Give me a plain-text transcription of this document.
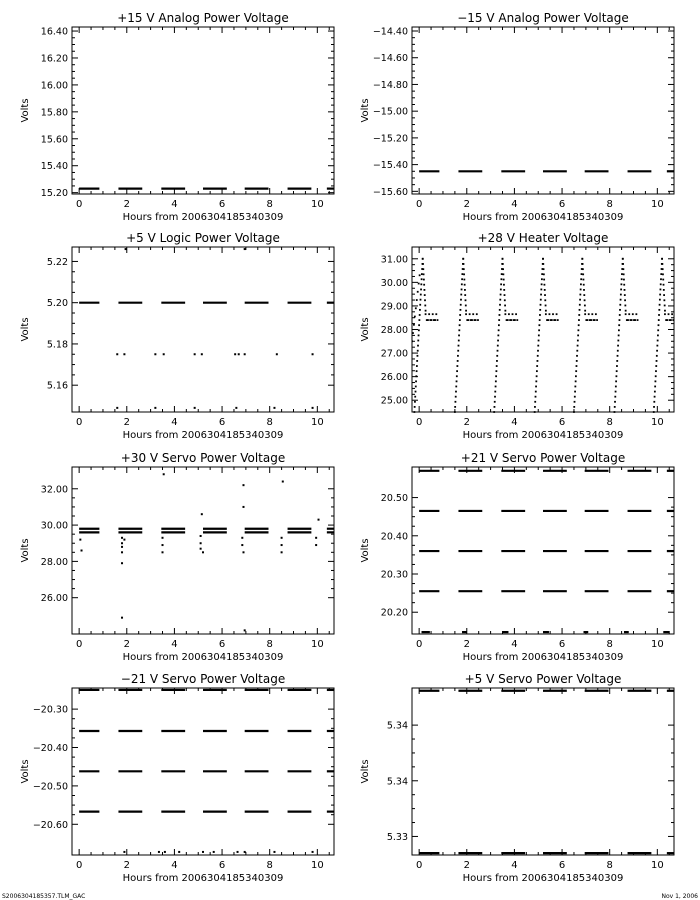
+15 V Analog Power Voltage
Hours from 2006304185340309
Volts
0	2	4	6	8	10
15.20
15.40
15.60
15.80
16.00
16.20
16.40
−15 V Analog Power Voltage
Hours from 2006304185340309
Volts
0	2	4	6	8	10
−15.60
−15.40
−15.20
−15.00
−14.80
−14.60
−14.40
+5 V Logic Power Voltage
Hours from 2006304185340309
Volts
0	2	4	6	8	10
5.16
5.18
5.20
5.22
+28 V Heater Voltage
Hours from 2006304185340309
Volts
0	2	4	6	8	10
25.00
26.00
27.00
28.00
29.00
30.00
31.00
+30 V Servo Power Voltage
Hours from 2006304185340309
Volts
0	2	4	6	8	10
26.00
28.00
30.00
32.00
+21 V Servo Power Voltage
Hours from 2006304185340309
Volts
0	2	4	6	8	10
20.20
20.30
20.40
20.50
−21 V Servo Power Voltage
Hours from 2006304185340309
Volts
0	2	4	6	8	10
−20.60
−20.50
−20.40
−20.30
+5 V Servo Power Voltage
Hours from 2006304185340309
Volts
0	2	4	6	8	10
5.33
5.34
5.34
S2006304185357.TLM_GAC	Nov 1, 2006
